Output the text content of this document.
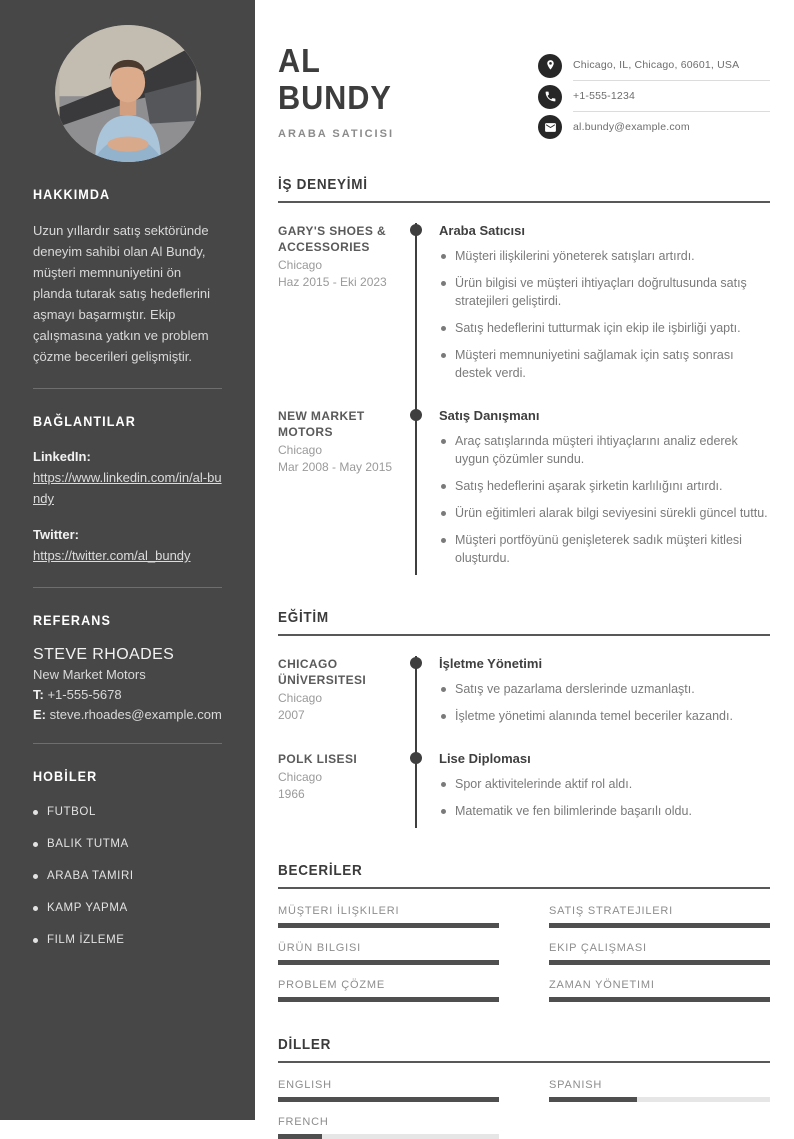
HAKKIMDA

Uzun yıllardır satış sektöründe deneyim sahibi olan Al Bundy, müşteri memnuniyetini ön planda tutarak satış hedeflerini aşmayı başarmıştır. Ekip çalışmasına yatkın ve problem çözme becerileri gelişmiştir.

BAĞLANTILAR
LinkedIn:
https://www.linkedin.com/in/al-bundy
Twitter:
https://twitter.com/al_bundy
REFERANS
STEVE RHOADES
New Market Motors
T: +1-555-5678
E: steve.rhoades@example.com
HOBİLER
FUTBOL
BALIK TUTMA
ARABA TAMIRI
KAMP YAPMA
FILM İZLEME
AL
BUNDY
ARABA SATICISI
Chicago, IL, Chicago, 60601, USA
+1-555-1234
al.bundy@example.com
İŞ DENEYİMİ
GARY'S SHOES & ACCESSORIES
Chicago
Haz 2015 - Eki 2023
Araba Satıcısı
Müşteri ilişkilerini yöneterek satışları artırdı.
Ürün bilgisi ve müşteri ihtiyaçları doğrultusunda satış stratejileri geliştirdi.
Satış hedeflerini tutturmak için ekip ile işbirliği yaptı.
Müşteri memnuniyetini sağlamak için satış sonrası destek verdi.
NEW MARKET MOTORS
Chicago
Mar 2008 - May 2015
Satış Danışmanı
Araç satışlarında müşteri ihtiyaçlarını analiz ederek uygun çözümler sundu.
Satış hedeflerini aşarak şirketin karlılığını artırdı.
Ürün eğitimleri alarak bilgi seviyesini sürekli güncel tuttu.
Müşteri portföyünü genişleterek sadık müşteri kitlesi oluşturdu.
EĞİTİM
CHICAGO ÜNİVERSITESI
Chicago
2007
İşletme Yönetimi
Satış ve pazarlama derslerinde uzmanlaştı.
İşletme yönetimi alanında temel beceriler kazandı.
POLK LISESI
Chicago
1966
Lise Diploması
Spor aktivitelerinde aktif rol aldı.
Matematik ve fen bilimlerinde başarılı oldu.
BECERİLER
MÜŞTERI İLIŞKILERI	SATIŞ STRATEJILERI
ÜRÜN BILGISI	EKIP ÇALIŞMASI
PROBLEM ÇÖZME	ZAMAN YÖNETIMI
DİLLER
ENGLISH	SPANISH
FRENCH
